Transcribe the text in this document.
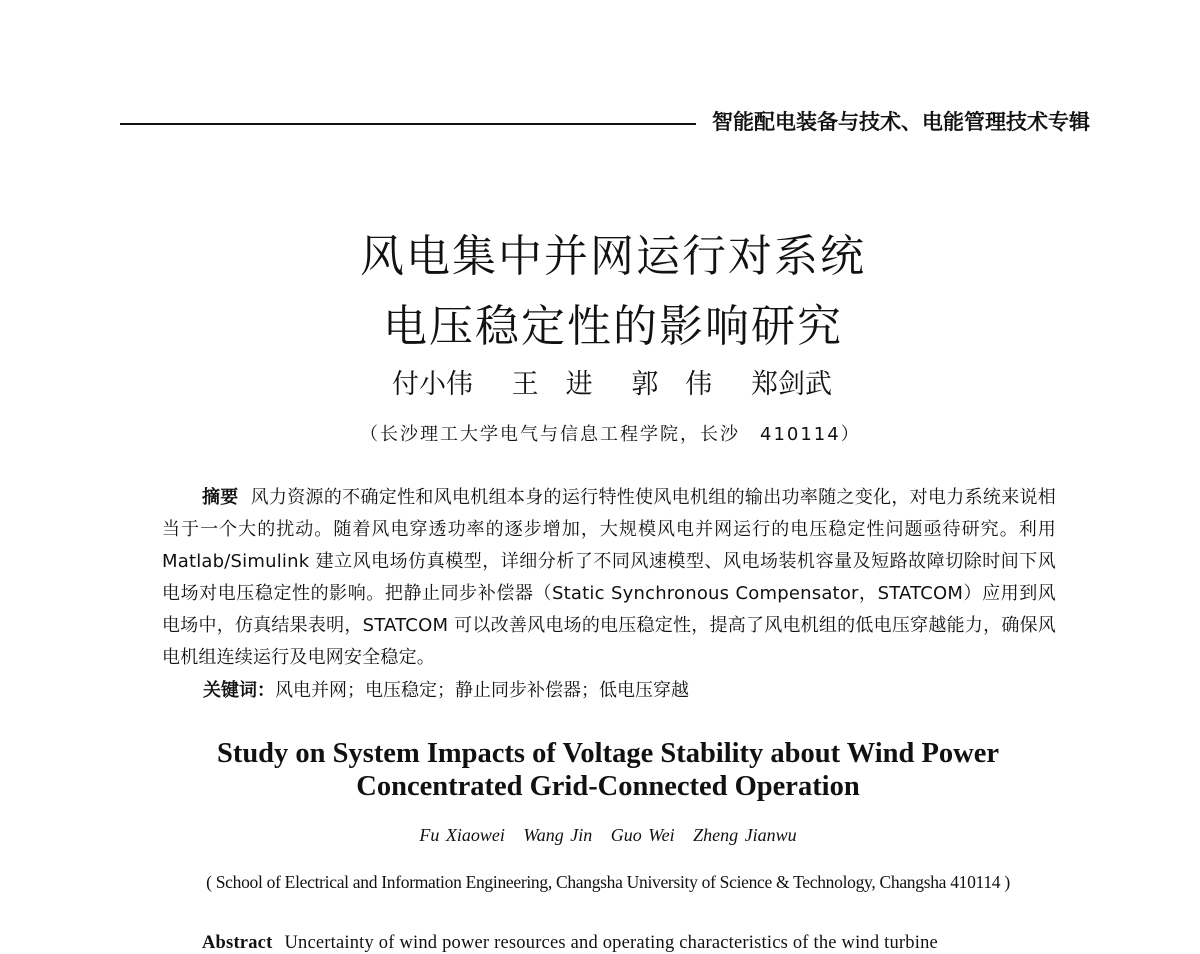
智能配电装备与技术、电能管理技术专辑
风电集中并网运行对系统
电压稳定性的影响研究
付小伟 王　进 郭　伟 郑剑武
（长沙理工大学电气与信息工程学院，长沙　410114）
摘要 风力资源的不确定性和风电机组本身的运行特性使风电机组的输出功率随之变化，对电力系统来说相当于一个大的扰动。随着风电穿透功率的逐步增加，大规模风电并网运行的电压稳定性问题亟待研究。利用 Matlab/Simulink 建立风电场仿真模型，详细分析了不同风速模型、风电场装机容量及短路故障切除时间下风电场对电压稳定性的影响。把静止同步补偿器（Static Synchronous Compensator，STATCOM）应用到风电场中，仿真结果表明，STATCOM 可以改善风电场的电压稳定性，提高了风电机组的低电压穿越能力，确保风电机组连续运行及电网安全稳定。
关键词：风电并网；电压稳定；静止同步补偿器；低电压穿越
Study on System Impacts of Voltage Stability about Wind Power
Concentrated Grid-Connected Operation
Fu Xiaowei Wang Jin Guo Wei Zheng Jianwu
( School of Electrical and Information Engineering, Changsha University of Science & Technology, Changsha 410114 )
Abstract Uncertainty of wind power resources and operating characteristics of the wind turbine
